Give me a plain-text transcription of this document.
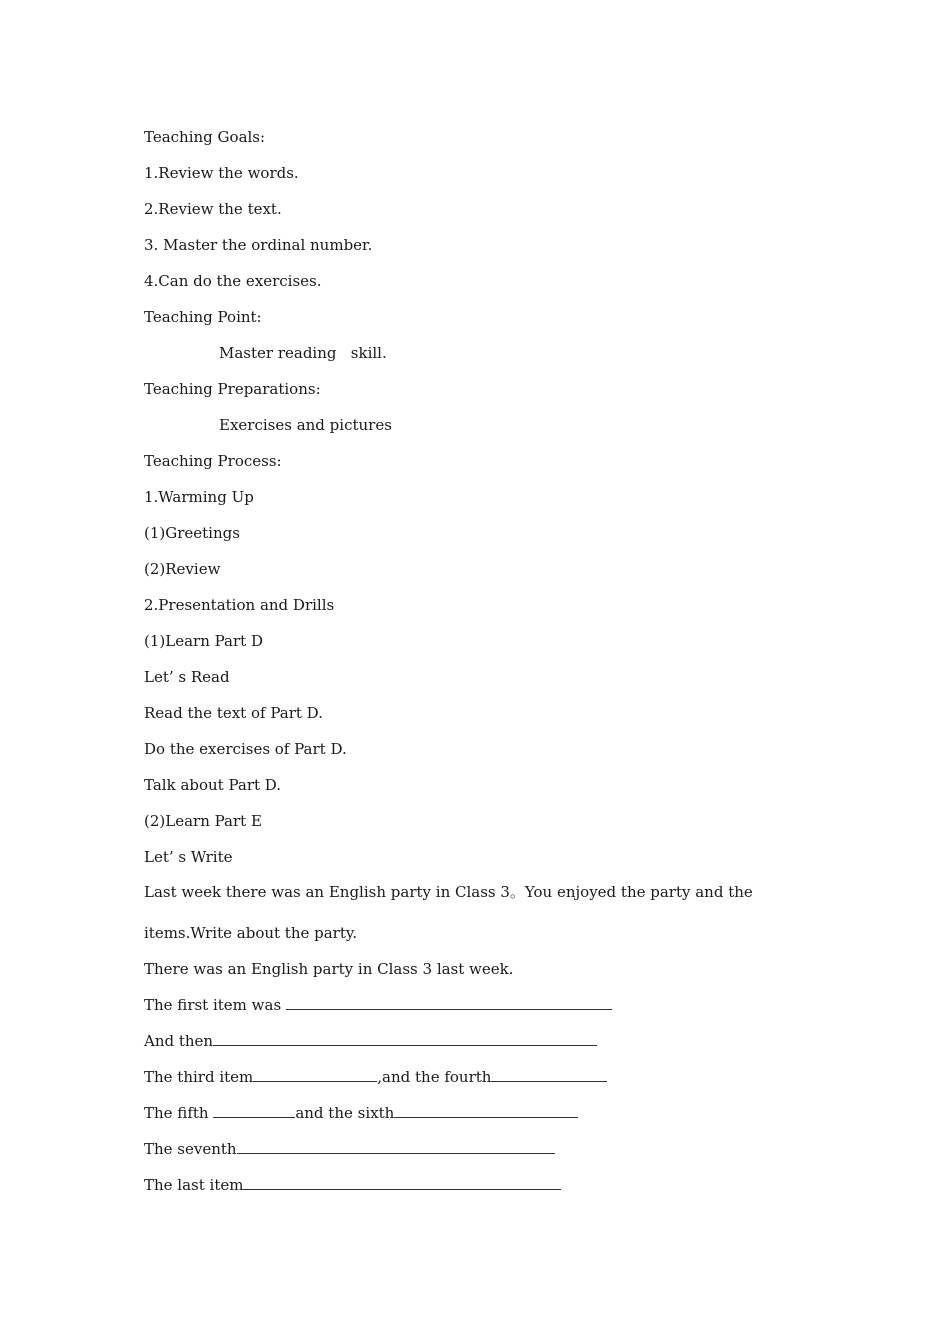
Teaching Goals:
1.Review the words.
2.Review the text.
3. Master the ordinal number.
4.Can do the exercises.
Teaching Point:
Master reading   skill.
Teaching Preparations:
Exercises and pictures
Teaching Process:
1.Warming Up
(1)Greetings
(2)Review
2.Presentation and Drills
(1)Learn Part D
Let’ s Read
Read the text of Part D.
Do the exercises of Part D.
Talk about Part D.
(2)Learn Part E
Let’ s Write
Last week there was an English party in Class 3。You enjoyed the party and the
items.Write about the party.
There was an English party in Class 3 last week.
The first item was
And then
The third item	,and the fourth
The fifth	and the sixth
The seventh
The last item
